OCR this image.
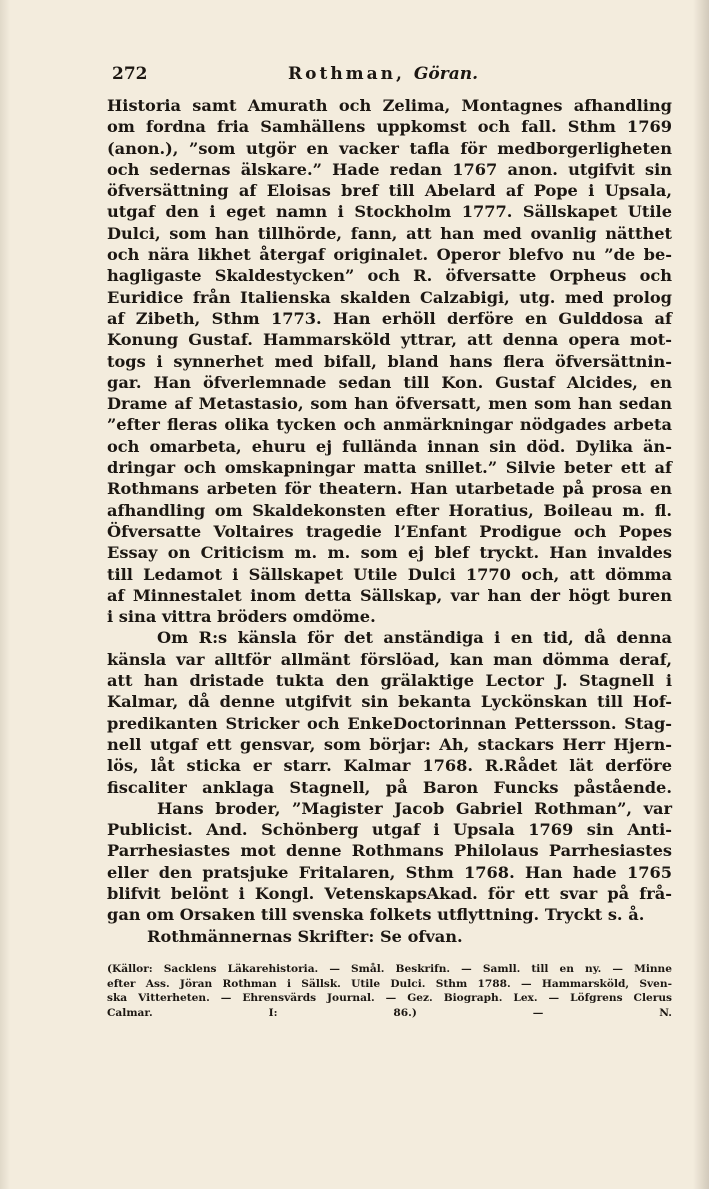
272	Rothman, Göran.
Historia samt Amurath och Zelima, Montagnes afhandling
om fordna fria Samhällens uppkomst och fall. Sthm 1769
(anon.), ”som utgör en vacker tafla för medborgerligheten
och sedernas älskare.” Hade redan 1767 anon. utgifvit sin
öfversättning af Eloisas bref till Abelard af Pope i Upsala,
utgaf den i eget namn i Stockholm 1777. Sällskapet Utile
Dulci, som han tillhörde, fann, att han med ovanlig nätthet
och nära likhet återgaf originalet. Operor blefvo nu ”de be-
hagligaste Skaldestycken” och R. öfversatte Orpheus och
Euridice från Italienska skalden Calzabigi, utg. med prolog
af Zibeth, Sthm 1773. Han erhöll derföre en Gulddosa af
Konung Gustaf. Hammarsköld yttrar, att denna opera mot-
togs i synnerhet med bifall, bland hans flera öfversättnin-
gar. Han öfverlemnade sedan till Kon. Gustaf Alcides, en
Drame af Metastasio, som han öfversatt, men som han sedan
”efter fleras olika tycken och anmärkningar nödgades arbeta
och omarbeta, ehuru ej fullända innan sin död. Dylika än-
dringar och omskapningar matta snillet.” Silvie beter ett af
Rothmans arbeten för theatern. Han utarbetade på prosa en
afhandling om Skaldekonsten efter Horatius, Boileau m. fl.
Öfversatte Voltaires tragedie l’Enfant Prodigue och Popes
Essay on Criticism m. m. som ej blef tryckt. Han invaldes
till Ledamot i Sällskapet Utile Dulci 1770 och, att dömma
af Minnestalet inom detta Sällskap, var han der högt buren
i sina vittra bröders omdöme.
Om R:s känsla för det anständiga i en tid, då denna
känsla var alltför allmänt förslöad, kan man dömma deraf,
att han dristade tukta den grälaktige Lector J. Stagnell i
Kalmar, då denne utgifvit sin bekanta Lyckönskan till Hof-
predikanten Stricker och EnkeDoctorinnan Pettersson. Stag-
nell utgaf ett gensvar, som börjar: Ah, stackars Herr Hjern-
lös, låt sticka er starr. Kalmar 1768. R.Rådet lät derföre
fiscaliter anklaga Stagnell, på Baron Funcks påstående.
Hans broder, ”Magister Jacob Gabriel Rothman”, var
Publicist. And. Schönberg utgaf i Upsala 1769 sin Anti-
Parrhesiastes mot denne Rothmans Philolaus Parrhesiastes
eller den pratsjuke Fritalaren, Sthm 1768. Han hade 1765
blifvit belönt i Kongl. VetenskapsAkad. för ett svar på frå-
gan om Orsaken till svenska folkets utflyttning. Tryckt s. å.
Rothmännernas Skrifter: Se ofvan.
(Källor: Sacklens Läkarehistoria. — Smål. Beskrifn. — Samll. till en ny. — Minne
efter Ass. Jöran Rothman i Sällsk. Utile Dulci. Sthm 1788. — Hammarsköld, Sven-
ska Vitterheten. — Ehrensvärds Journal. — Gez. Biograph. Lex. — Löfgrens Clerus
Calmar. I: 86.) — N.
